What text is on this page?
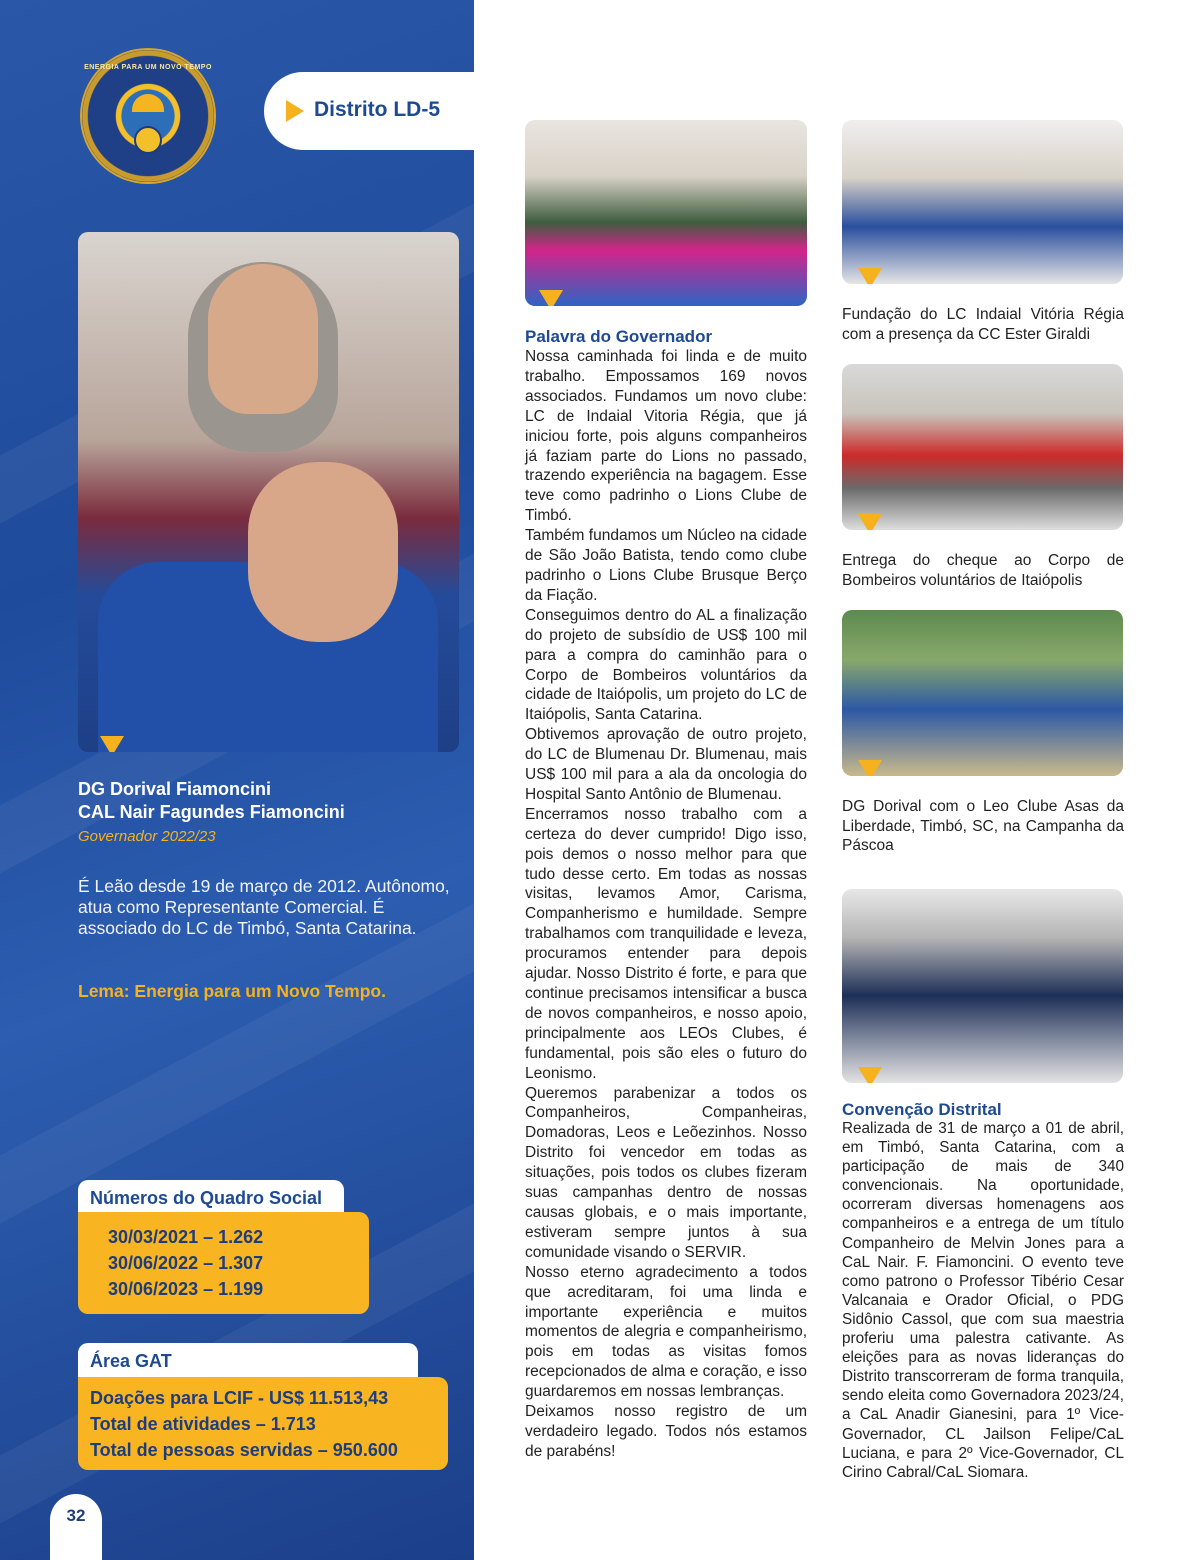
ENERGIA PARA UM NOVO TEMPO
Distrito LD-5
DG Dorival Fiamoncini
CAL Nair Fagundes Fiamoncini
Governador 2022/23
É Leão desde 19 de março de 2012. Autônomo, atua como Representante Comercial. É associado do LC de Timbó, Santa Catarina.
Lema: Energia para um Novo Tempo.
Números do Quadro Social
30/03/2021 – 1.262
30/06/2022 – 1.307
30/06/2023 – 1.199
Área GAT
Doações para LCIF - US$ 11.513,43
Total de atividades – 1.713
Total de pessoas servidas – 950.600
32
Palavra do Governador

Nossa caminhada foi linda e de muito trabalho. Empossamos 169 novos associados. Fundamos um novo clube: LC de Indaial Vitoria Régia, que já iniciou forte, pois alguns companheiros já faziam parte do Lions no passado, trazendo experiência na bagagem. Esse teve como padrinho o Lions Clube de Timbó.

Também fundamos um Núcleo na cidade de São João Batista, tendo como clube padrinho o Lions Clube Brusque Berço da Fiação.

Conseguimos dentro do AL a finalização do projeto de subsídio de US$ 100 mil para a compra do caminhão para o Corpo de Bombeiros voluntários da cidade de Itaiópolis, um projeto do LC de Itaiópolis, Santa Catarina.

Obtivemos aprovação de outro projeto, do LC de Blumenau Dr. Blumenau, mais US$ 100 mil para a ala da oncologia do Hospital Santo Antônio de Blumenau.

Encerramos nosso trabalho com a certeza do dever cumprido! Digo isso, pois demos o nosso melhor para que tudo desse certo. Em todas as nossas visitas, levamos Amor, Carisma, Companherismo e humildade. Sempre trabalhamos com tranquilidade e leveza, procuramos entender para depois ajudar. Nosso Distrito é forte, e para que continue precisamos intensificar a busca de novos companheiros, e nosso apoio, principalmente aos LEOs Clubes, é fundamental, pois são eles o futuro do Leonismo.

Queremos parabenizar a todos os Companheiros, Companheiras, Domadoras, Leos e Leõezinhos. Nosso Distrito foi vencedor em todas as situações, pois todos os clubes fizeram suas campanhas dentro de nossas causas globais, e o mais importante, estiveram sempre juntos à sua comunidade visando o SERVIR.

Nosso eterno agradecimento a todos que acreditaram, foi uma linda e importante experiência e muitos momentos de alegria e companheirismo, pois em todas as visitas fomos recepcionados de alma e coração, e isso guardaremos em nossas lembranças.

Deixamos nosso registro de um verdadeiro legado. Todos nós estamos de parabéns!

Fundação do LC Indaial Vitória Régia com a presença da CC Ester Giraldi
Entrega do cheque ao Corpo de Bombeiros voluntários de Itaiópolis
DG Dorival com o Leo Clube Asas da Liberdade, Timbó, SC, na Campanha da Páscoa
Convenção Distrital
Realizada de 31 de março a 01 de abril, em Timbó, Santa Catarina, com a participação de mais de 340 convencionais. Na oportunidade, ocorreram diversas homenagens aos companheiros e a entrega de um título Companheiro de Melvin Jones para a CaL Nair. F. Fiamoncini. O evento teve como patrono o Professor Tibério Cesar Valcanaia e Orador Oficial, o PDG Sidônio Cassol, que com sua maestria proferiu uma palestra cativante. As eleições para as novas lideranças do Distrito transcorreram de forma tranquila, sendo eleita como Governadora 2023/24, a CaL Anadir Gianesini, para 1º Vice-Governador, CL Jailson Felipe/CaL Luciana, e para 2º Vice-Governador, CL Cirino Cabral/CaL Siomara.
